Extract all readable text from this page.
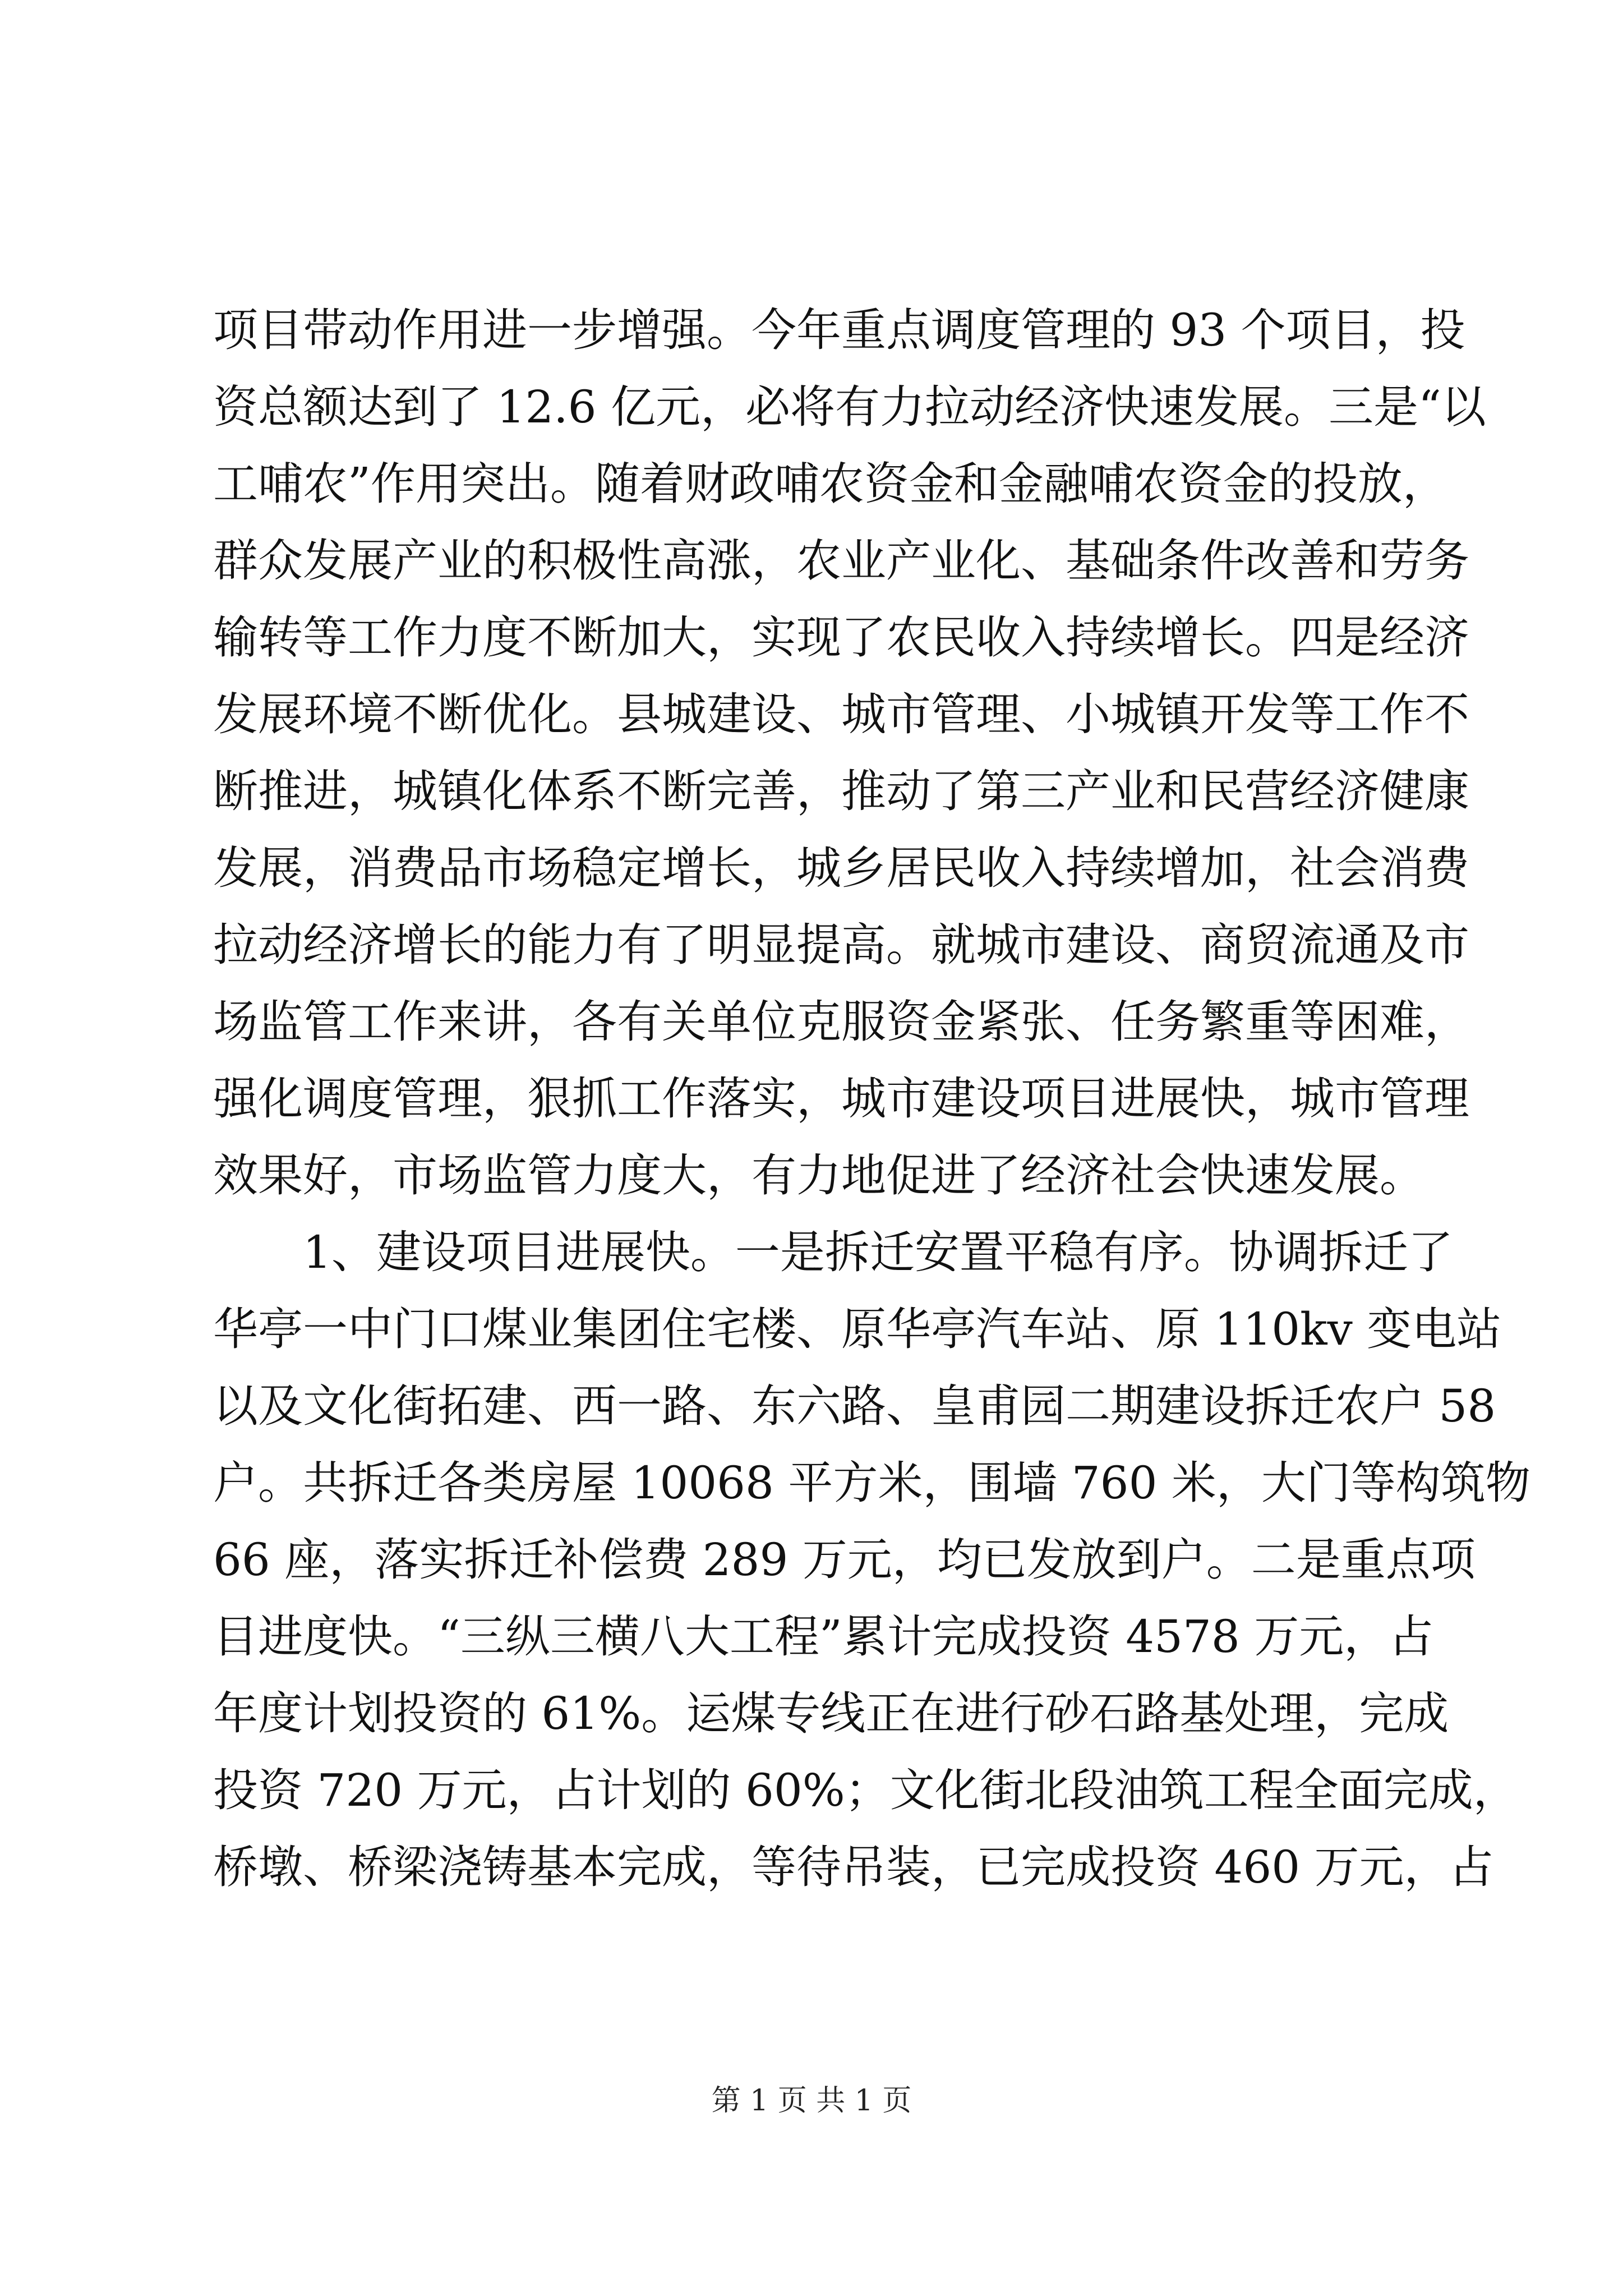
项目带动作用进一步增强。今年重点调度管理的 93 个项目，投
资总额达到了 12.6 亿元，必将有力拉动经济快速发展。三是“以
工哺农”作用突出。随着财政哺农资金和金融哺农资金的投放，
群众发展产业的积极性高涨，农业产业化、基础条件改善和劳务
输转等工作力度不断加大，实现了农民收入持续增长。四是经济
发展环境不断优化。县城建设、城市管理、小城镇开发等工作不
断推进，城镇化体系不断完善，推动了第三产业和民营经济健康
发展，消费品市场稳定增长，城乡居民收入持续增加，社会消费
拉动经济增长的能力有了明显提高。就城市建设、商贸流通及市
场监管工作来讲，各有关单位克服资金紧张、任务繁重等困难，
强化调度管理，狠抓工作落实，城市建设项目进展快，城市管理
效果好，市场监管力度大，有力地促进了经济社会快速发展。
1、建设项目进展快。一是拆迁安置平稳有序。协调拆迁了
华亭一中门口煤业集团住宅楼、原华亭汽车站、原 110kv 变电站
以及文化街拓建、西一路、东六路、皇甫园二期建设拆迁农户 58
户。共拆迁各类房屋 10068 平方米，围墙 760 米，大门等构筑物
66 座，落实拆迁补偿费 289 万元，均已发放到户。二是重点项
目进度快。“三纵三横八大工程”累计完成投资 4578 万元，占
年度计划投资的 61%。运煤专线正在进行砂石路基处理，完成
投资 720 万元，占计划的 60%；文化街北段油筑工程全面完成，
桥墩、桥梁浇铸基本完成，等待吊装，已完成投资 460 万元，占
第 1 页 共 1 页
